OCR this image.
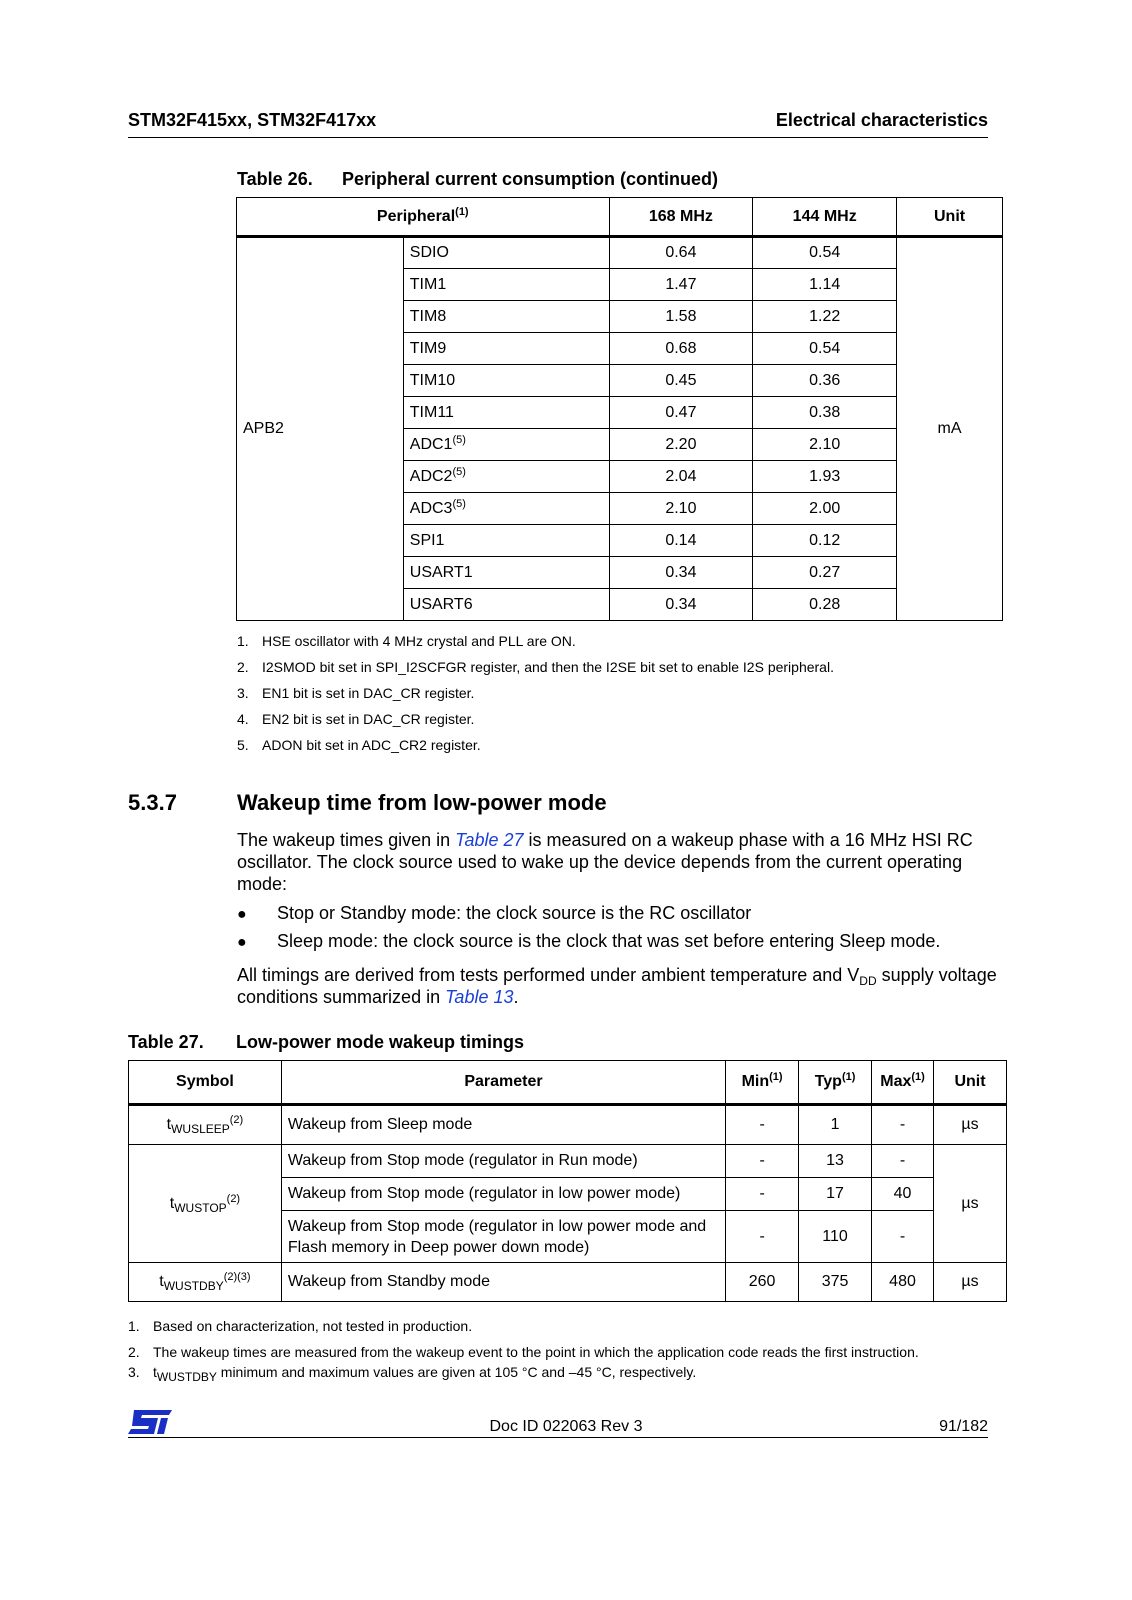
STM32F415xx, STM32F417xx	Electrical characteristics
Table 26. Peripheral current consumption (continued)
Peripheral$^{(1)}$		168 MHz	144 MHz	Unit
APB2	SDIO	0.64	0.54	mA
	TIM1	1.47	1.14	
	TIM8	1.58	1.22	
	TIM9	0.68	0.54	
	TIM10	0.45	0.36	
	TIM11	0.47	0.38	
	ADC1$^{(5)}$	2.20	2.10	
	ADC2$^{(5)}$	2.04	1.93	
	ADC3$^{(5)}$	2.10	2.00	
	SPI1	0.14	0.12	
	USART1	0.34	0.27	
	USART6	0.34	0.28	
1. HSE oscillator with 4 MHz crystal and PLL are ON.
2. I2SMOD bit set in SPI_I2SCFGR register, and then the I2SE bit set to enable I2S peripheral.
3. EN1 bit is set in DAC_CR register.
4. EN2 bit is set in DAC_CR register.
5. ADON bit set in ADC_CR2 register.
5.3.7	Wakeup time from low-power mode
The wakeup times given in Table 27 is measured on a wakeup phase with a 16 MHz HSI RC oscillator. The clock source used to wake up the device depends from the current operating mode:
● Stop or Standby mode: the clock source is the RC oscillator
● Sleep mode: the clock source is the clock that was set before entering Sleep mode.
All timings are derived from tests performed under ambient temperature and $V_{DD}$ supply voltage conditions summarized in Table 13.
Table 27. Low-power mode wakeup timings
Symbol	Parameter	Min$^{(1)}$	Typ$^{(1)}$	Max$^{(1)}$	Unit
$t_{WUSLEEP}^{(2)}$	Wakeup from Sleep mode	-	1	-	µs
$t_{WUSTOP}^{(2)}$	Wakeup from Stop mode (regulator in Run mode)	-	13	-	µs
	Wakeup from Stop mode (regulator in low power mode)	-	17	40	
	Wakeup from Stop mode (regulator in low power mode and Flash memory in Deep power down mode)	-	110	-	
$t_{WUSTDBY}^{(2)(3)}$	Wakeup from Standby mode	260	375	480	µs
1. Based on characterization, not tested in production.
2. The wakeup times are measured from the wakeup event to the point in which the application code reads the first instruction.
3. $t_{WUSTDBY}$ minimum and maximum values are given at 105 °C and –45 °C, respectively.
Doc ID 022063 Rev 3	91/182
